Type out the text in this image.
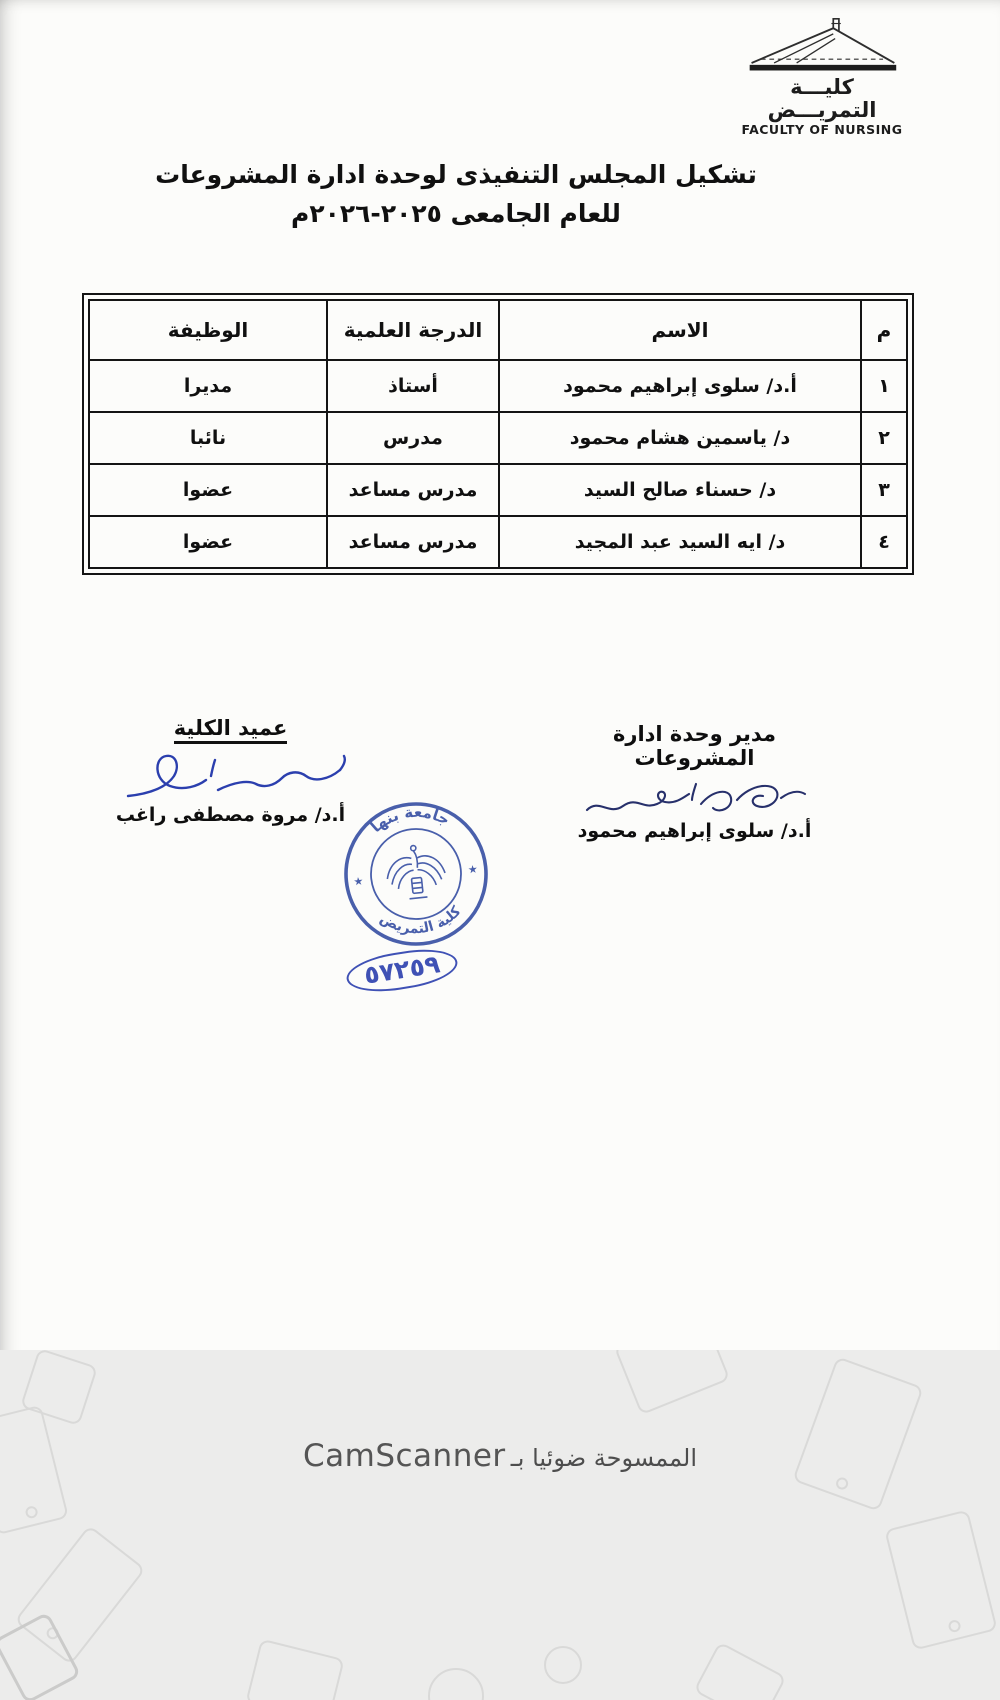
كليـــة التمريـــض
FACULTY OF NURSING
تشكيل المجلس التنفيذى لوحدة ادارة المشروعات
للعام الجامعى ٢٠٢٥-٢٠٢٦م
م	الاسم	الدرجة العلمية	الوظيفة
١	أ.د/ سلوى إبراهيم محمود	أستاذ	مديرا
٢	د/ ياسمين هشام محمود	مدرس	نائبا
٣	د/ حسناء صالح السيد	مدرس مساعد	عضوا
٤	د/ ايه السيد عبد المجيد	مدرس مساعد	عضوا
مدير وحدة ادارة المشروعات
أ.د/ سلوى إبراهيم محمود
عميد الكلية
أ.د/ مروة مصطفى راغب
جامعة بنها
كلية التمريض
★
★
٥٧٢٥٩
الممسوحة ضوئيا بـ CamScanner
